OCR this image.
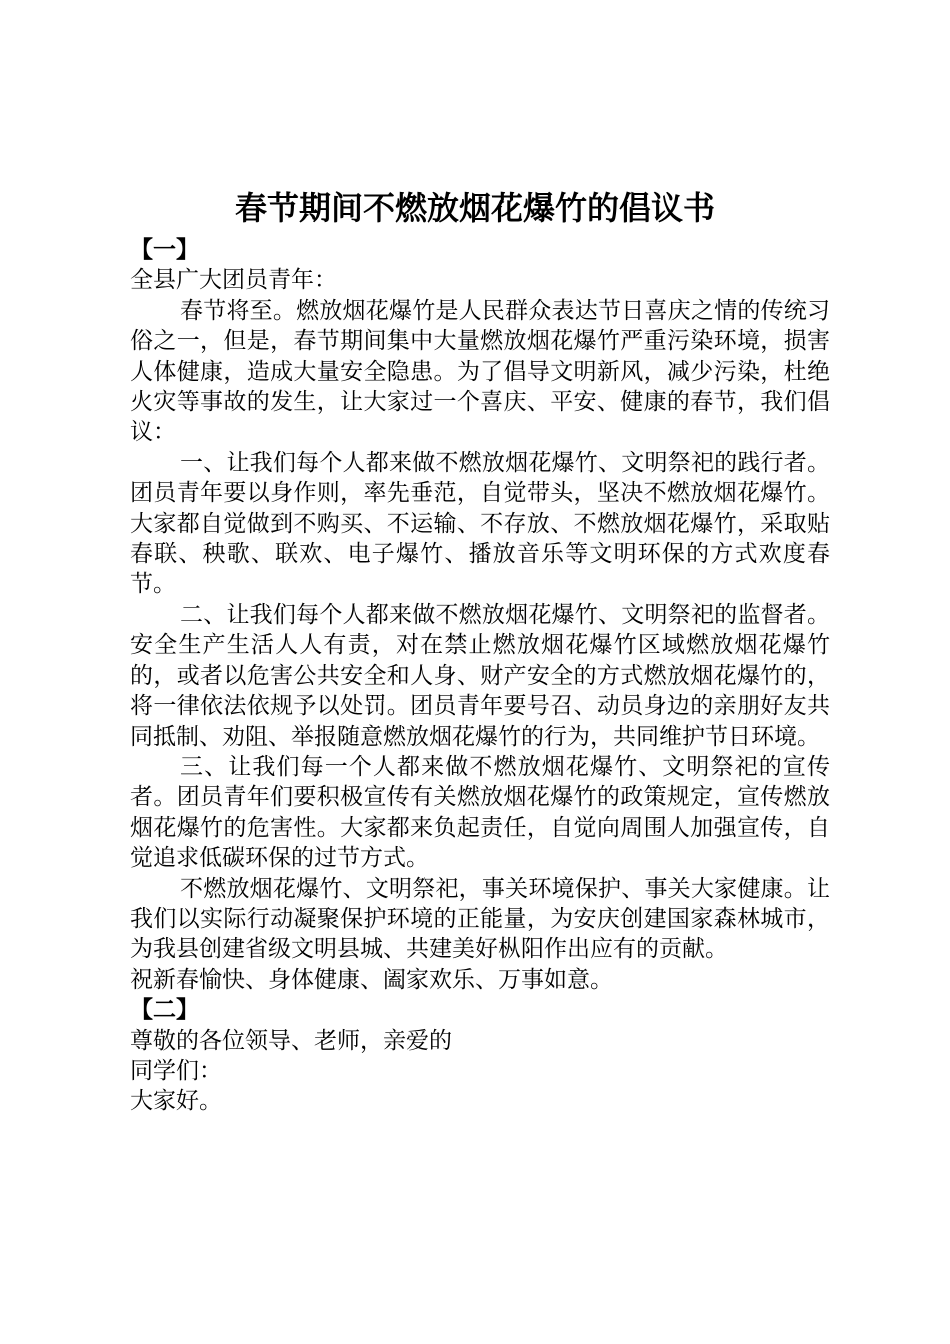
春节期间不燃放烟花爆竹的倡议书

【一】

全县广大团员青年：

春节将至。燃放烟花爆竹是人民群众表达节日喜庆之情的传统习俗之一，但是，春节期间集中大量燃放烟花爆竹严重污染环境，损害人体健康，造成大量安全隐患。为了倡导文明新风，减少污染，杜绝火灾等事故的发生，让大家过一个喜庆、平安、健康的春节，我们倡议：

一、让我们每个人都来做不燃放烟花爆竹、文明祭祀的践行者。团员青年要以身作则，率先垂范，自觉带头，坚决不燃放烟花爆竹。大家都自觉做到不购买、不运输、不存放、不燃放烟花爆竹，采取贴春联、秧歌、联欢、电子爆竹、播放音乐等文明环保的方式欢度春节。

二、让我们每个人都来做不燃放烟花爆竹、文明祭祀的监督者。安全生产生活人人有责，对在禁止燃放烟花爆竹区域燃放烟花爆竹的，或者以危害公共安全和人身、财产安全的方式燃放烟花爆竹的，将一律依法依规予以处罚。团员青年要号召、动员身边的亲朋好友共同抵制、劝阻、举报随意燃放烟花爆竹的行为，共同维护节日环境。

三、让我们每一个人都来做不燃放烟花爆竹、文明祭祀的宣传者。团员青年们要积极宣传有关燃放烟花爆竹的政策规定，宣传燃放烟花爆竹的危害性。大家都来负起责任，自觉向周围人加强宣传，自觉追求低碳环保的过节方式。

不燃放烟花爆竹、文明祭祀，事关环境保护、事关大家健康。让我们以实际行动凝聚保护环境的正能量，为安庆创建国家森林城市，为我县创建省级文明县城、共建美好枞阳作出应有的贡献。

祝新春愉快、身体健康、阖家欢乐、万事如意。

【二】

尊敬的各位领导、老师，亲爱的

同学们：

大家好。
